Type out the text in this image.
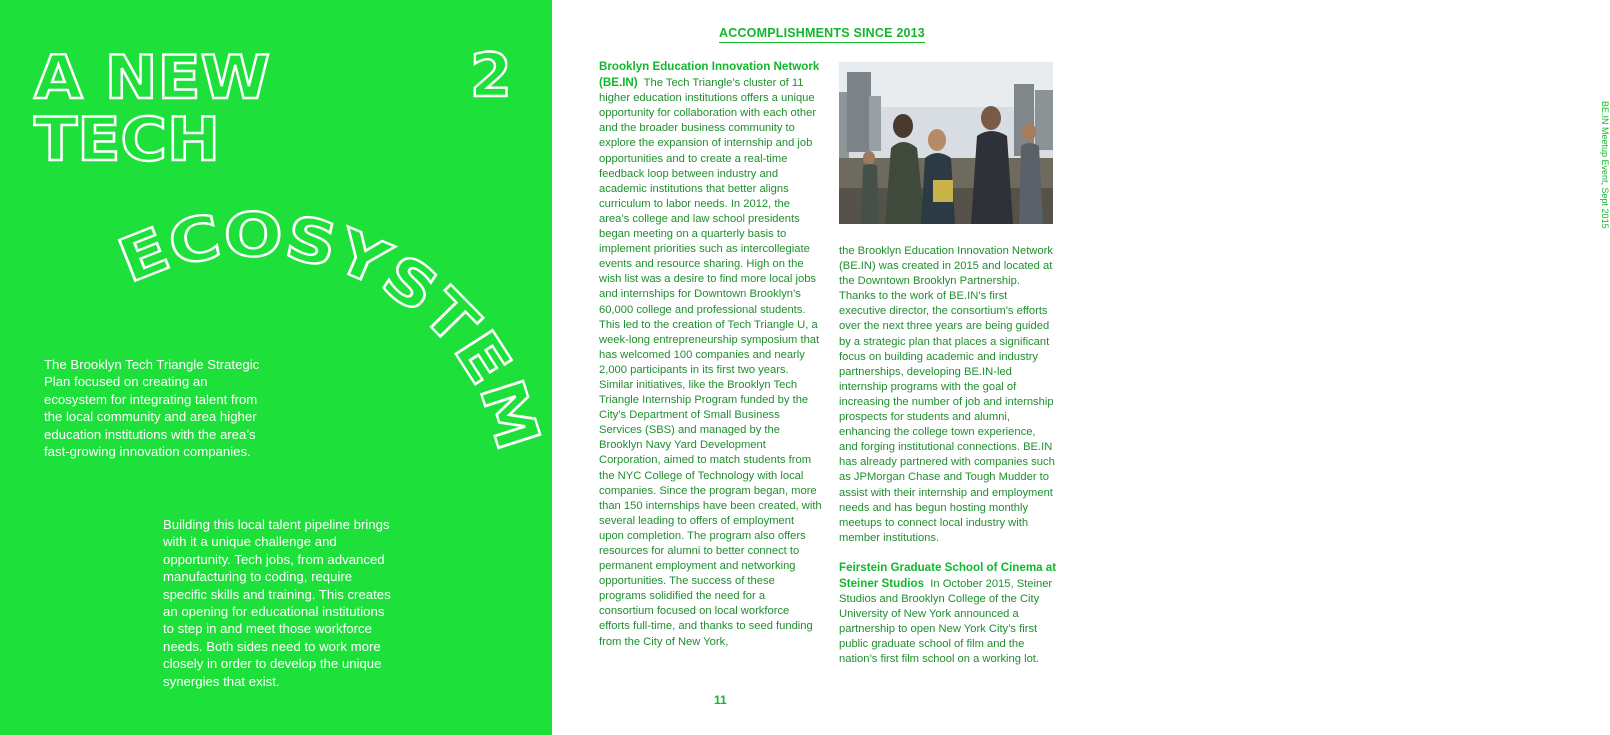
A NEW
TECH
2
ECOSYSTEM

The Brooklyn Tech Triangle Strategic Plan focused on creating an ecosystem for integrating talent from the local community and area higher education institutions with the area’s fast-growing innovation companies.

Building this local talent pipeline brings with it a unique challenge and opportunity. Tech jobs, from advanced manufacturing to coding, require specific skills and training. This creates an opening for educational institutions to step in and meet those workforce needs. Both sides need to work more closely in order to develop the unique synergies that exist.

ACCOMPLISHMENTS SINCE 2013

Brooklyn Education Innovation Network (BE.IN) The Tech Triangle’s cluster of 11 higher education institutions offers a unique opportunity for collaboration with each other and the broader business community to explore the expansion of internship and job opportunities and to create a real-time feedback loop between industry and academic institutions that better aligns curriculum to labor needs. In 2012, the area’s college and law school presidents began meeting on a quarterly basis to implement priorities such as intercollegiate events and resource sharing. High on the wish list was a desire to find more local jobs and internships for Downtown Brooklyn’s 60,000 college and professional students. This led to the creation of Tech Triangle U, a week-long entrepreneurship symposium that has welcomed 100 companies and nearly 2,000 participants in its first two years. Similar initiatives, like the Brooklyn Tech Triangle Internship Program funded by the City’s Department of Small Business Services (SBS) and managed by the Brooklyn Navy Yard Development Corporation, aimed to match students from the NYC College of Technology with local companies. Since the program began, more than 150 internships have been created, with several leading to offers of employment upon completion. The program also offers resources for alumni to better connect to permanent employment and networking opportunities. The success of these programs solidified the need for a consortium focused on local workforce efforts full-time, and thanks to seed funding from the City of New York,

BE.IN Meetup Event, Sept 2015

the Brooklyn Education Innovation Network (BE.IN) was created in 2015 and located at the Downtown Brooklyn Partnership. Thanks to the work of BE.IN’s first executive director, the consortium’s efforts over the next three years are being guided by a strategic plan that places a significant focus on building academic and industry partnerships, developing BE.IN-led internship programs with the goal of increasing the number of job and internship prospects for students and alumni, enhancing the college town experience, and forging institutional connections. BE.IN has already partnered with companies such as JPMorgan Chase and Tough Mudder to assist with their internship and employment needs and has begun hosting monthly meetups to connect local industry with member institutions.

Feirstein Graduate School of Cinema at Steiner Studios In October 2015, Steiner Studios and Brooklyn College of the City University of New York announced a partnership to open New York City’s first public graduate school of film and the nation’s first film school on a working lot.

11
